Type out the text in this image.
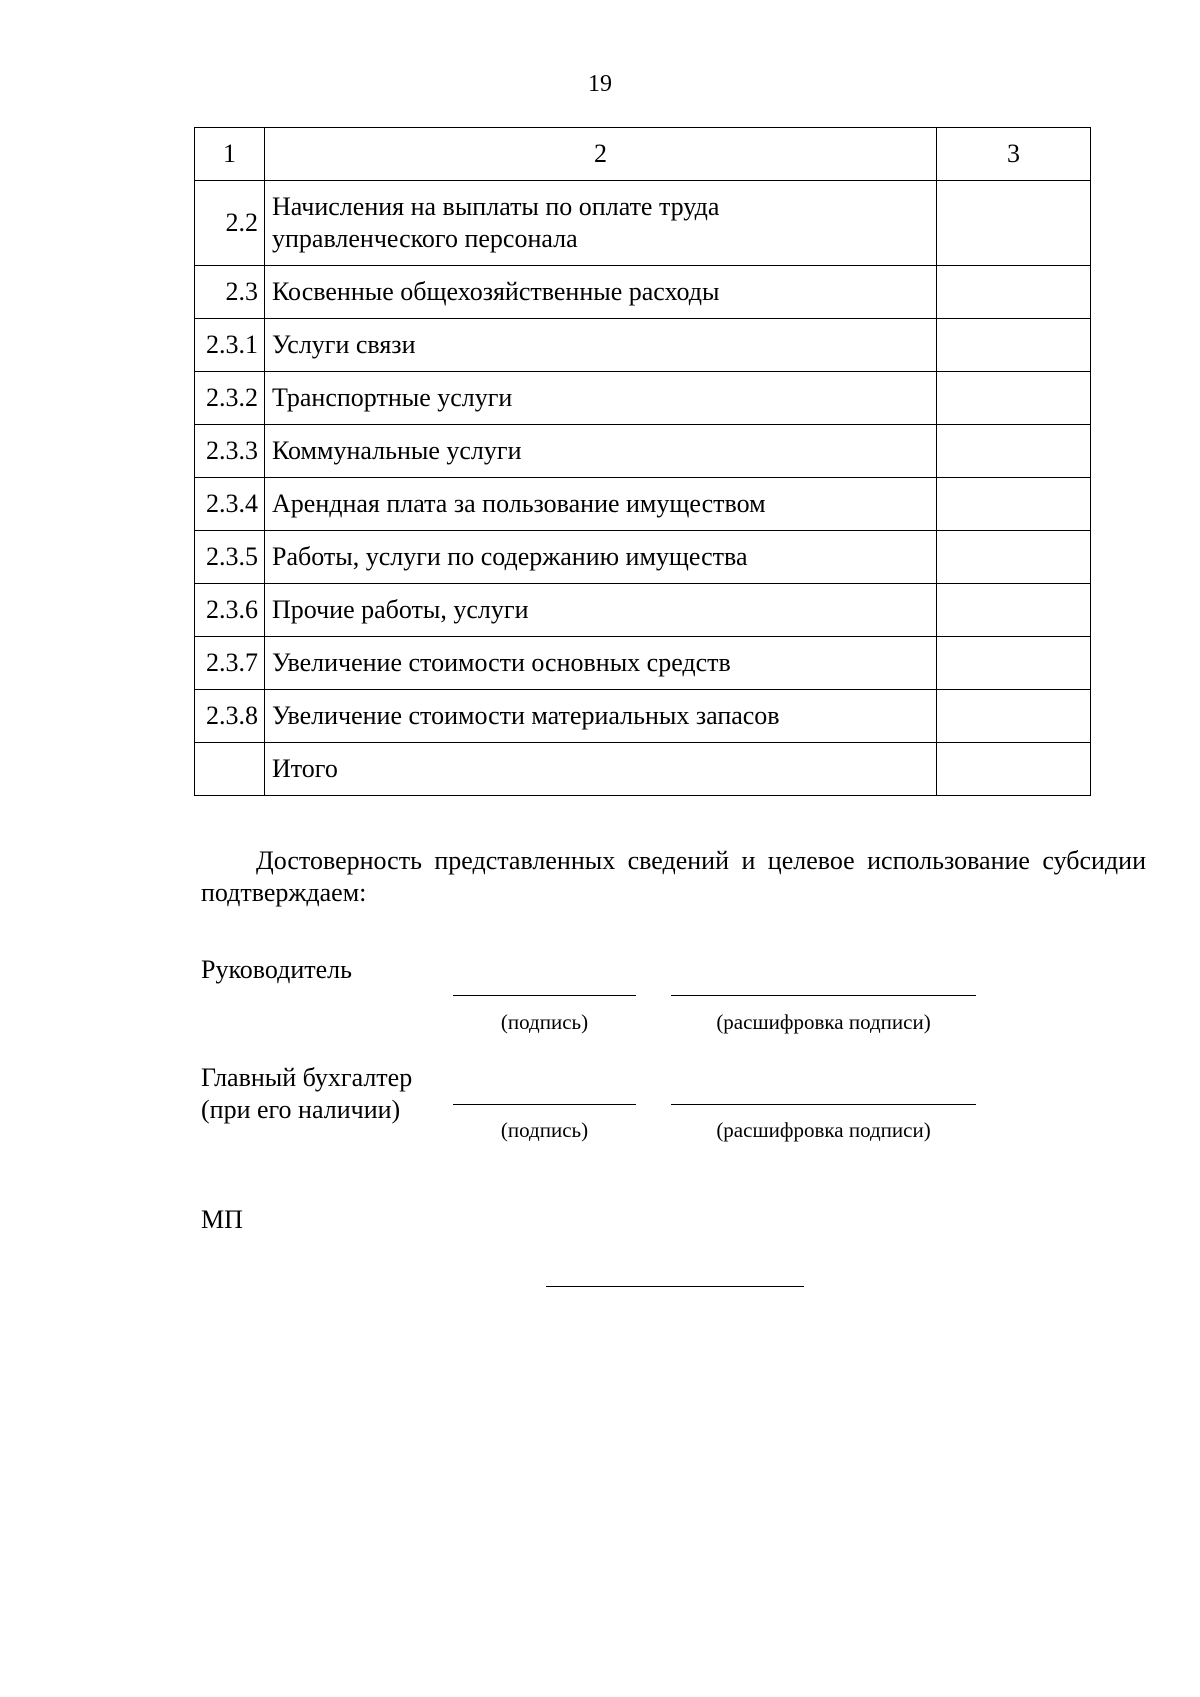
19
1	2	3
2.2	Начисления на выплаты по оплате труда
управленческого персонала	
2.3	Косвенные общехозяйственные расходы	
2.3.1	Услуги связи	
2.3.2	Транспортные услуги	
2.3.3	Коммунальные услуги	
2.3.4	Арендная плата за пользование имуществом	
2.3.5	Работы, услуги по содержанию имущества	
2.3.6	Прочие работы, услуги	
2.3.7	Увеличение стоимости основных средств	
2.3.8	Увеличение стоимости материальных запасов	
	Итого	
Достоверность представленных сведений и целевое использование субсидии подтверждаем:
Руководитель
(подпись)	(расшифровка подписи)
Главный бухгалтер
(при его наличии)
(подпись)	(расшифровка подписи)
МП
